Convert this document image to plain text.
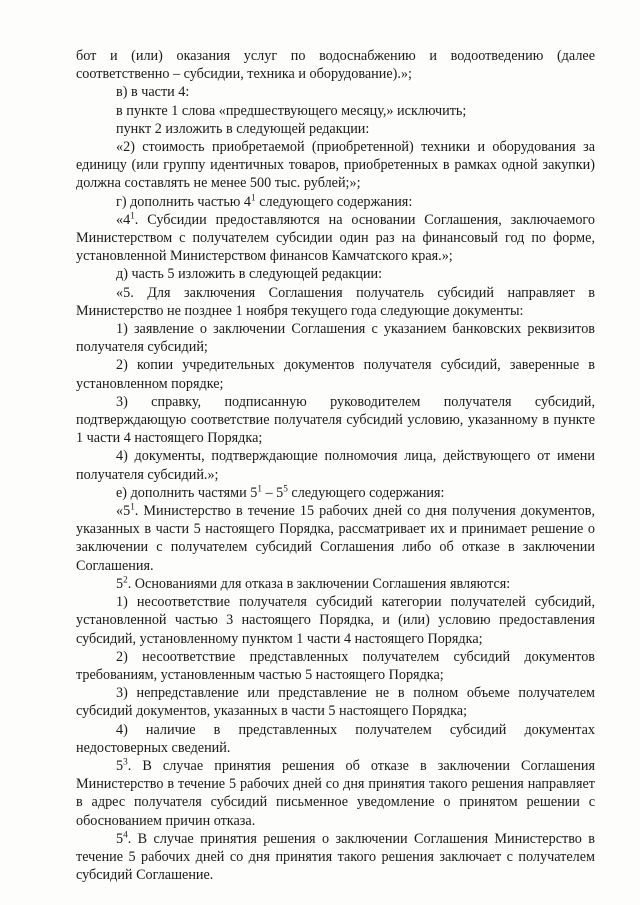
бот и (или) оказания услуг по водоснабжению и водоотведению (далее соответственно – субсидии, техника и оборудование).»;

в) в части 4:

в пункте 1 слова «предшествующего месяцу,» исключить;

пункт 2 изложить в следующей редакции:

«2) стоимость приобретаемой (приобретенной) техники и оборудования за единицу (или группу идентичных товаров, приобретенных в рамках одной закупки) должна составлять не менее 500 тыс. рублей;»;

г) дополнить частью $4^1$ следующего содержания:

«$4^1$. Субсидии предоставляются на основании Соглашения, заключаемого Министерством с получателем субсидии один раз на финансовый год по форме, установленной Министерством финансов Камчатского края.»;

д) часть 5 изложить в следующей редакции:

«5. Для заключения Соглашения получатель субсидий направляет в Министерство не позднее 1 ноября текущего года следующие документы:

1) заявление о заключении Соглашения с указанием банковских реквизитов получателя субсидий;

2) копии учредительных документов получателя субсидий, заверенные в установленном порядке;

3) справку, подписанную руководителем получателя субсидий, подтверждающую соответствие получателя субсидий условию, указанному в пункте 1 части 4 настоящего Порядка;

4) документы, подтверждающие полномочия лица, действующего от имени получателя субсидий.»;

е) дополнить частями $5^1 - 5^5$ следующего содержания:

«$5^1$. Министерство в течение 15 рабочих дней со дня получения документов, указанных в части 5 настоящего Порядка, рассматривает их и принимает решение о заключении с получателем субсидий Соглашения либо об отказе в заключении Соглашения.

$5^2$. Основаниями для отказа в заключении Соглашения являются:

1) несоответствие получателя субсидий категории получателей субсидий, установленной частью 3 настоящего Порядка, и (или) условию предоставления субсидий, установленному пунктом 1 части 4 настоящего Порядка;

2) несоответствие представленных получателем субсидий документов требованиям, установленным частью 5 настоящего Порядка;

3) непредставление или представление не в полном объеме получателем субсидий документов, указанных в части 5 настоящего Порядка;

4) наличие в представленных получателем субсидий документах недостоверных сведений.

$5^3$. В случае принятия решения об отказе в заключении Соглашения Министерство в течение 5 рабочих дней со дня принятия такого решения направляет в адрес получателя субсидий письменное уведомление о принятом решении с обоснованием причин отказа.

$5^4$. В случае принятия решения о заключении Соглашения Министерство в течение 5 рабочих дней со дня принятия такого решения заключает с получателем субсидий Соглашение.
